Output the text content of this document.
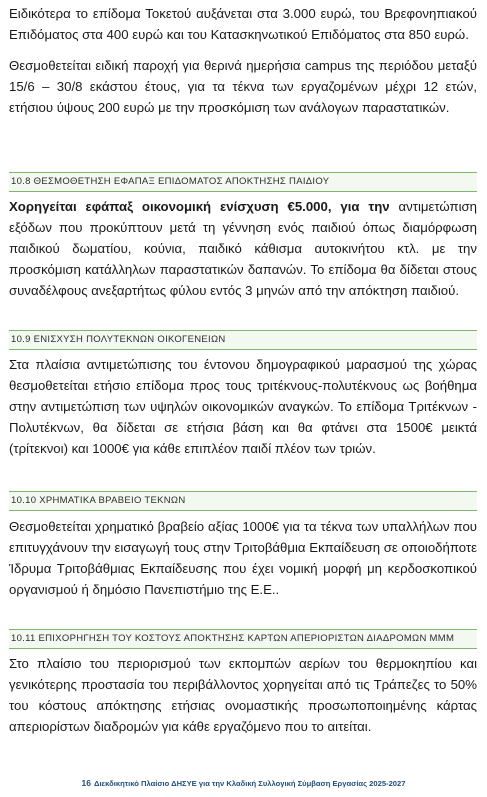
Ειδικότερα το επίδομα Τοκετού αυξάνεται στα 3.000 ευρώ, του Βρεφονηπιακού Επιδόματος στα 400 ευρώ και του Κατασκηνωτικού Επιδόματος στα 850 ευρώ.

Θεσμοθετείται ειδική παροχή για θερινά ημερήσια campus της περιόδου μεταξύ 15/6 – 30/8 εκάστου έτους, για τα τέκνα των εργαζομένων μέχρι 12 ετών, ετήσιου ύψους 200 ευρώ με την προσκόμιση των ανάλογων παραστατικών.

10.8 ΘΕΣΜΟΘΕΤΗΣΗ ΕΦΑΠΑΞ ΕΠΙΔΟΜΑΤΟΣ ΑΠΟΚΤΗΣΗΣ ΠΑΙΔΙΟΥ

Χορηγείται εφάπαξ οικονομική ενίσχυση €5.000, για την αντιμετώπιση εξόδων που προκύπτουν μετά τη γέννηση ενός παιδιού όπως διαμόρφωση παιδικού δωματίου, κούνια, παιδικό κάθισμα αυτοκινήτου κτλ. με την προσκόμιση κατάλληλων παραστατικών δαπανών. Το επίδομα θα δίδεται στους συναδέλφους ανεξαρτήτως φύλου εντός 3 μηνών από την απόκτηση παιδιού.

10.9 ΕΝΙΣΧΥΣΗ ΠΟΛΥΤΕΚΝΩΝ ΟΙΚΟΓΕΝΕΙΩΝ

Στα πλαίσια αντιμετώπισης του έντονου δημογραφικού μαρασμού της χώρας θεσμοθετείται ετήσιο επίδομα προς τους τριτέκνους-πολυτέκνους ως βοήθημα στην αντιμετώπιση των υψηλών οικονομικών αναγκών. Το επίδομα Τριτέκνων - Πολυτέκνων, θα δίδεται σε ετήσια βάση και θα φτάνει στα 1500€ μεικτά (τρίτεκνοι) και 1000€ για κάθε επιπλέον παιδί πλέον των τριών.

10.10 ΧΡΗΜΑΤΙΚΑ ΒΡΑΒΕΙΟ ΤΕΚΝΩΝ

Θεσμοθετείται χρηματικό βραβείο αξίας 1000€ για τα τέκνα των υπαλλήλων που επιτυγχάνουν την εισαγωγή τους στην Τριτοβάθμια Εκπαίδευση σε οποιοδήποτε Ίδρυμα Τριτοβάθμιας Εκπαίδευσης που έχει νομική μορφή μη κερδοσκοπικού οργανισμού ή δημόσιο Πανεπιστήμιο της Ε.Ε..

10.11 ΕΠΙΧΟΡΗΓΗΣΗ ΤΟΥ ΚΟΣΤΟΥΣ ΑΠΟΚΤΗΣΗΣ ΚΑΡΤΩΝ ΑΠΕΡΙΟΡΙΣΤΩΝ ΔΙΑΔΡΟΜΩΝ ΜΜΜ

Στο πλαίσιο του περιορισμού των εκπομπών αερίων του θερμοκηπίου και γενικότερης προστασία του περιβάλλοντος χορηγείται από τις Τράπεζες το 50% του κόστους απόκτησης ετήσιας ονομαστικής προσωποποιημένης κάρτας απεριορίστων διαδρομών για κάθε εργαζόμενο που το αιτείται.

16 Διεκδικητικό Πλαίσιο ΔΗΣΥΕ για την Κλαδική Συλλογική Σύμβαση Εργασίας 2025-2027
